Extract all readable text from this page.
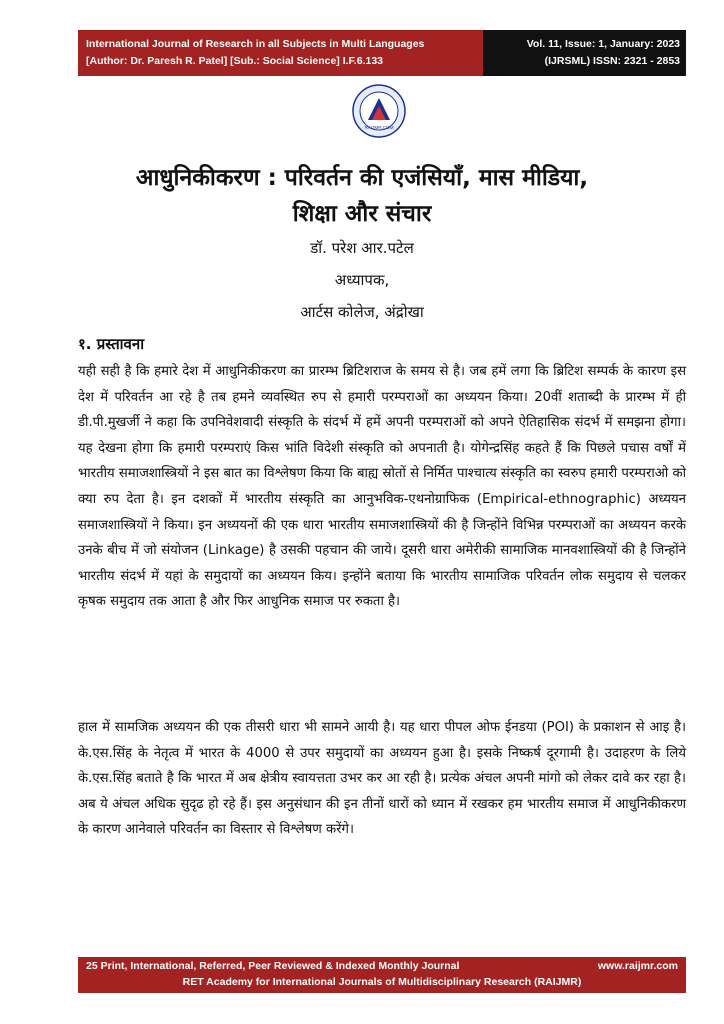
International Journal of Research in all Subjects in Multi Languages
[Author: Dr. Paresh R. Patel] [Sub.: Social Science] I.F.6.133
Vol. 11, Issue: 1, January: 2023
(IJRSML) ISSN: 2321 - 2853
RAIJMR.COM
आधुनिकीकरण : परिवर्तन की एजंसियाँ, मास मीडिया,
शिक्षा और संचार
डॉ. परेश आर.पटेल
अध्यापक,
आर्टस कोलेज, अंद्रोखा
१. प्रस्तावना

यही सही है कि हमारे देश में आधुनिकीकरण का प्रारम्भ ब्रिटिशराज के समय से है। जब हमें लगा कि ब्रिटिश सम्पर्क के कारण इस देश में परिवर्तन आ रहे है तब हमने व्यवस्थित रुप से हमारी परम्पराओं का अध्ययन किया। 20वीं शताब्दी के प्रारम्भ में ही डी.पी.मुखर्जी ने कहा कि उपनिवेशवादी संस्कृति के संदर्भ में हमें अपनी परम्पराओं को अपने ऐतिहासिक संदर्भ में समझना होगा। यह देखना होगा कि हमारी परम्पराएं किस भांति विदेशी संस्कृति को अपनाती है। योगेन्द्रसिंह कहते हैं कि पिछले पचास वर्षों में भारतीय समाजशास्त्रियों ने इस बात का विश्लेषण किया कि बाह्य स्रोतों से निर्मित पाश्चात्य संस्कृति का स्वरुप हमारी परम्पराओ को क्या रुप देता है। इन दशकों में भारतीय संस्कृति का आनुभविक-एथनोग्राफिक (Empirical-ethnographic) अध्ययन समाजशास्त्रियों ने किया। इन अध्ययनों की एक धारा भारतीय समाजशास्त्रियों की है जिन्होंने विभिन्न परम्पराओं का अध्ययन करके उनके बीच में जो संयोजन (Linkage) है उसकी पहचान की जाये। दूसरी धारा अमेरीकी सामाजिक मानवशास्त्रियों की है जिन्होंने भारतीय संदर्भ में यहां के समुदायों का अध्ययन किय। इन्होंने बताया कि भारतीय सामाजिक परिवर्तन लोक समुदाय से चलकर कृषक समुदाय तक आता है और फिर आधुनिक समाज पर रुकता है।

हाल में सामजिक अध्ययन की एक तीसरी धारा भी सामने आयी है। यह धारा पीपल ओफ ईनडया (POI) के प्रकाशन से आइ है। के.एस.सिंह के नेतृत्व में भारत के 4000 से उपर समुदायों का अध्ययन हुआ है। इसके निष्कर्ष दूरगामी है। उदाहरण के लिये के.एस.सिंह बताते है कि भारत में अब क्षेत्रीय स्वायत्तता उभर कर आ रही है। प्रत्येक अंचल अपनी मांगो को लेकर दावे कर रहा है। अब ये अंचल अधिक सुदृढ हो रहे हैं। इस अनुसंधान की इन तीनों धारों को ध्यान में रखकर हम भारतीय समाज में आधुनिकीकरण के कारण आनेवाले परिवर्तन का विस्तार से विश्लेषण करेंगे।

25 Print, International, Referred, Peer Reviewed & Indexed Monthly Journal	www.raijmr.com
RET Academy for International Journals of Multidisciplinary Research (RAIJMR)
